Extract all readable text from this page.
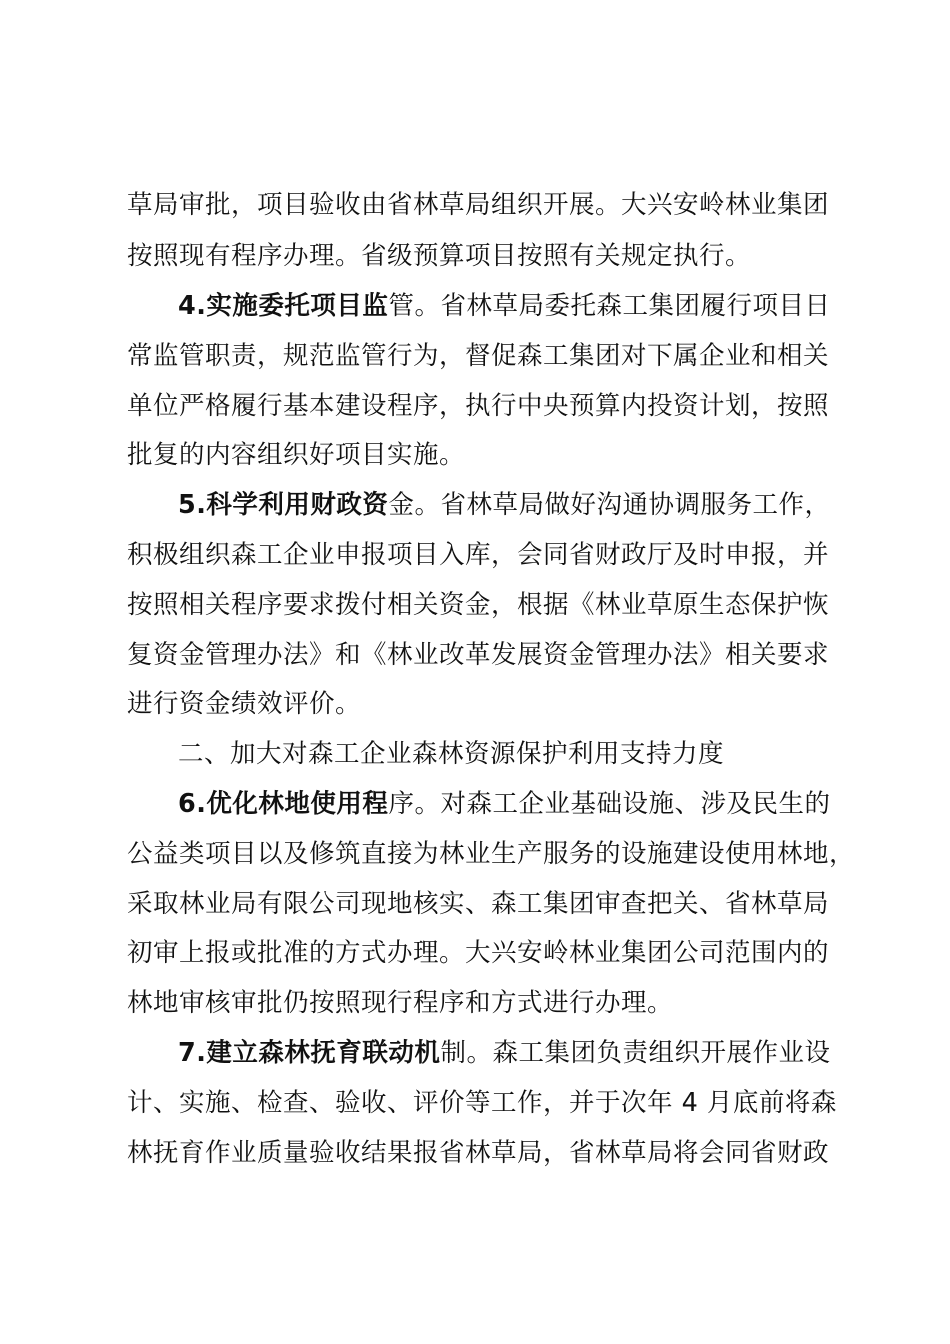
草局审批，项目验收由省林草局组织开展。大兴安岭林业集团
按照现有程序办理。省级预算项目按照有关规定执行。
4.实施委托项目监管。省林草局委托森工集团履行项目日
常监管职责，规范监管行为，督促森工集团对下属企业和相关
单位严格履行基本建设程序，执行中央预算内投资计划，按照
批复的内容组织好项目实施。
5.科学利用财政资金。省林草局做好沟通协调服务工作，
积极组织森工企业申报项目入库，会同省财政厅及时申报，并
按照相关程序要求拨付相关资金，根据《林业草原生态保护恢
复资金管理办法》和《林业改革发展资金管理办法》相关要求
进行资金绩效评价。
二、加大对森工企业森林资源保护利用支持力度
6.优化林地使用程序。对森工企业基础设施、涉及民生的
公益类项目以及修筑直接为林业生产服务的设施建设使用林地，
采取林业局有限公司现地核实、森工集团审查把关、省林草局
初审上报或批准的方式办理。大兴安岭林业集团公司范围内的
林地审核审批仍按照现行程序和方式进行办理。
7.建立森林抚育联动机制。森工集团负责组织开展作业设
计、实施、检查、验收、评价等工作，并于次年 4 月底前将森
林抚育作业质量验收结果报省林草局，省林草局将会同省财政
